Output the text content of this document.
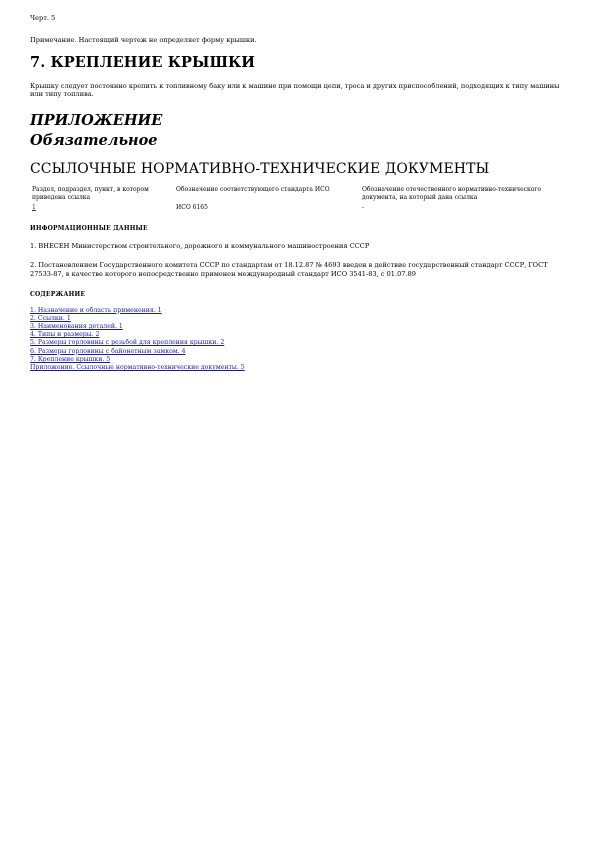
Черт. 5

Примечание. Настоящий чертеж не определяет форму крышки.

7. КРЕПЛЕНИЕ КРЫШКИ

Крышку следует постоянно крепить к топливному баку или к машине при помощи цепи, троса и других приспособлений, подходящих к типу машины или типу топлива.

ПРИЛОЖЕНИЕ
Обязательное
ССЫЛОЧНЫЕ НОРМАТИВНО-ТЕХНИЧЕСКИЕ ДОКУМЕНТЫ
Раздел, подраздел, пункт, в котором приведена ссылка	Обозначение соответствующего стандарта ИСО	Обозначение отечественного нормативно-технического документа, на который дана ссылка
1	ИСО 6165	-
ИНФОРМАЦИОННЫЕ ДАННЫЕ

1. ВНЕСЕН Министерством строительного, дорожного и коммунального машиностроения СССР

2. Постановлением Государственного комитета СССР по стандартам от 18.12.87 № 4693 введен в действие государственный стандарт СССР, ГОСТ 27533-87, в качестве которого непосредственно применен международный стандарт ИСО 3541-83, с 01.07.89

СОДЕРЖАНИЕ
1. Назначение и область применения. 1
2. Ссылки. 1
3. Наименования деталей. 1
4. Типы и размеры. 2
5. Размеры горловины с резьбой для крепления крышки. 2
6. Размеры горловины с байонетным замком. 4
7. Крепление крышки. 5
Приложение. Ссылочные нормативно-технические документы. 5
